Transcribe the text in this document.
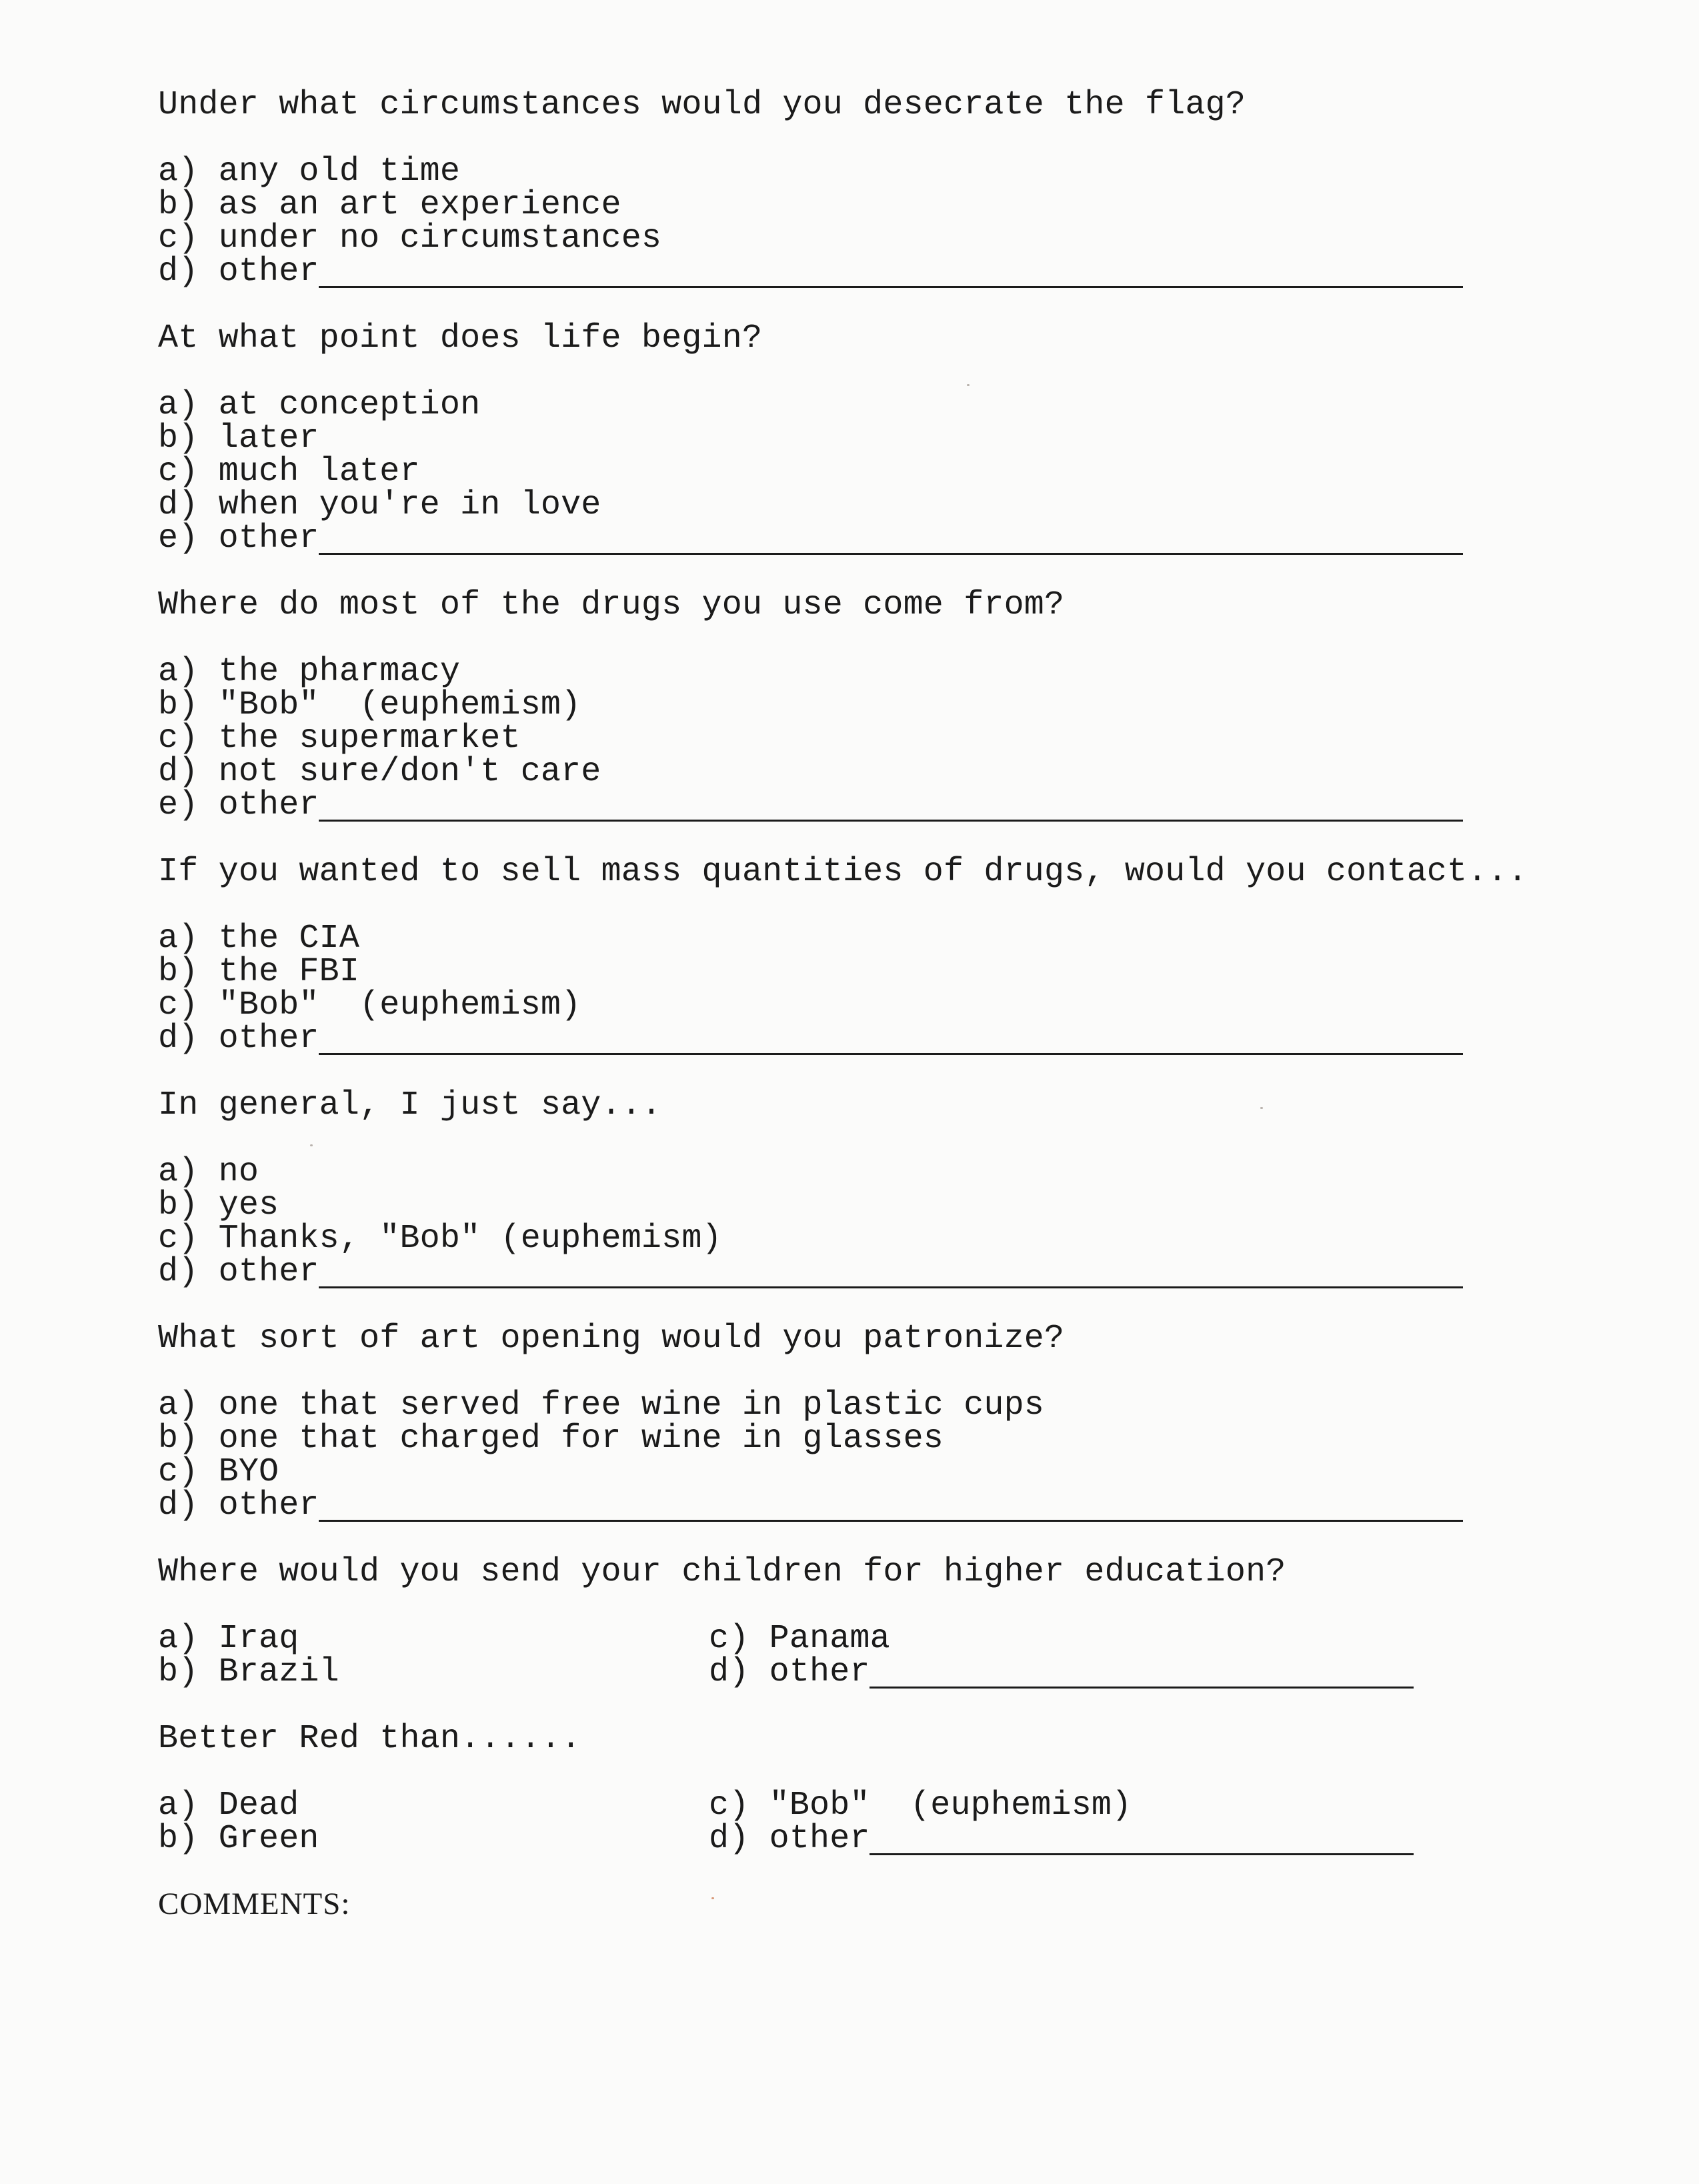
Under what circumstances would you desecrate the flag?
a) any old time
b) as an art experience
c) under no circumstances
d) other
At what point does life begin?
a) at conception
b) later
c) much later
d) when you're in love
e) other
Where do most of the drugs you use come from?
a) the pharmacy
b) "Bob"  (euphemism)
c) the supermarket
d) not sure/don't care
e) other
If you wanted to sell mass quantities of drugs, would you contact...
a) the CIA
b) the FBI
c) "Bob"  (euphemism)
d) other
In general, I just say...
a) no
b) yes
c) Thanks, "Bob" (euphemism)
d) other
What sort of art opening would you patronize?
a) one that served free wine in plastic cups
b) one that charged for wine in glasses
c) BYO
d) other
Where would you send your children for higher education?
a) Iraq
b) Brazil
c) Panama
d) other
Better Red than......
a) Dead
b) Green
c) "Bob"  (euphemism)
d) other
COMMENTS:
